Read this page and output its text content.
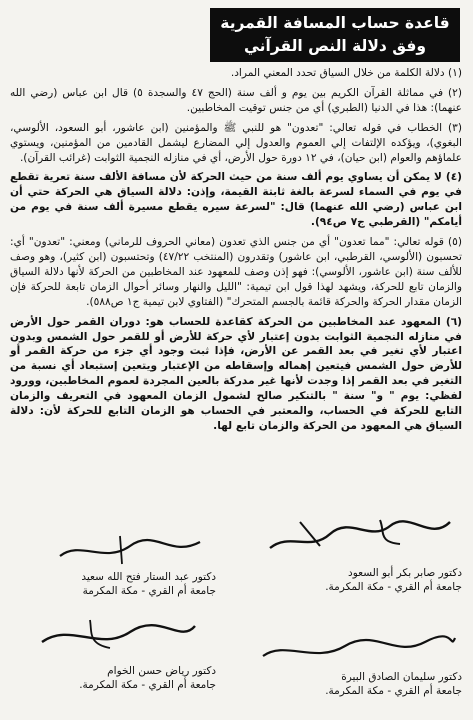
قاعدة حساب المسافة القمرية
وفق دلالة النص القرآني

(١) دلالة الكلمة من خلال السياق تحدد المعني المراد.

(٢) في مماثلة القرآن الكريم بين يوم و ألف سنة (الحج ٤٧ والسجدة ٥) قال ابن عباس (رضي الله عنهما): هذا في الدنيا (الطبري) أي من جنس توقيت المخاطبين.

(٣) الخطاب في قوله تعالي: "تعدون" هو للنبي ﷺ والمؤمنين (ابن عاشور، أبو السعود، الألوسي، البغوي)، ويؤكده الإلتفات إلي العموم والعدول إلي المضارع ليشمل القادمين من المؤمنين، ويستوي علماؤهم والعوام (ابن حيان)، في ١٢ دورة حول الأرض، أي في منازله النجمية الثوابت (غرائب القرآن).

(٤) لا يمكن أن يساوي يوم ألف سنة من حيث الحركة لأن مسافة الألف سنة تعرية تقطع في يوم في السماء لسرعة بالغة ثابتة القيمة، وإذن: دلالة السياق هي الحركة حتي أن ابن عباس (رضي الله عنهما) قال: "لسرعة سيره يقطع مسيرة ألف سنة في يوم من أيامكم" (القرطبي ج٧ ص٩٤).

(٥) قوله تعالي: "مما تعدون" أي من جنس الذي تعدون (معاني الحروف للرماني) ومعني: "تعدون" أي: تحسبون (الألوسي، القرطبي، ابن عاشور) وتقدرون (المنتخب ٤٧/٢٢) وتحتسبون (ابن كثير)، وهو وصف للألف سنة (ابن عاشور، الألوسي): فهو إذن وصف للمعهود عند المخاطبين من الحركة لأنها دلالة السياق والزمان تابع للحركة، ويشهد لهذا قول ابن تيمية: "الليل والنهار وسائر أحوال الزمان تابعة للحركة فإن الزمان مقدار الحركة والحركة قائمة بالجسم المتحرك" (الفتاوي لابن تيمية ج١ ص٥٨٨).

(٦) المعهود عند المخاطبين من الحركة كقاعدة للحساب هو: دوران القمر حول الأرض في منازله النجمية الثوابت بدون إعتبار لأي حركة للأرض أو للقمر حول الشمس وبدون اعتبار لأي تغير في بعد القمر عن الأرض، فإذا ثبت وجود أي جزء من حركة القمر أو للأرض حول الشمس فيتعين إهماله وإسقاطه من الإعتبار ويتعين إستبعاد أي نسبة من التغير في بعد القمر إذا وجدت لأنها غير مدركة بالعين المجردة لعموم المخاطبين، وورود لفظي: يوم " و" سنة " بالتنكير صالح لشمول الزمان المعهود في التعريف والزمان التابع للحركة في الحساب، والمعتبر في الحساب هو الزمان التابع للحركة لأن: دلالة السياق هي المعهود من الحركة والزمان تابع لها.

دكتور صابر بكر أبو السعود
جامعة أم القري - مكة المكرمة.
دكتور عبد الستار فتح الله سعيد
جامعة أم القري - مكة المكرمة
دكتور سليمان الصادق البيرة
جامعة أم القري - مكة المكرمة.
دكتور رياض حسن الخوام
جامعة أم القري - مكة المكرمة.
